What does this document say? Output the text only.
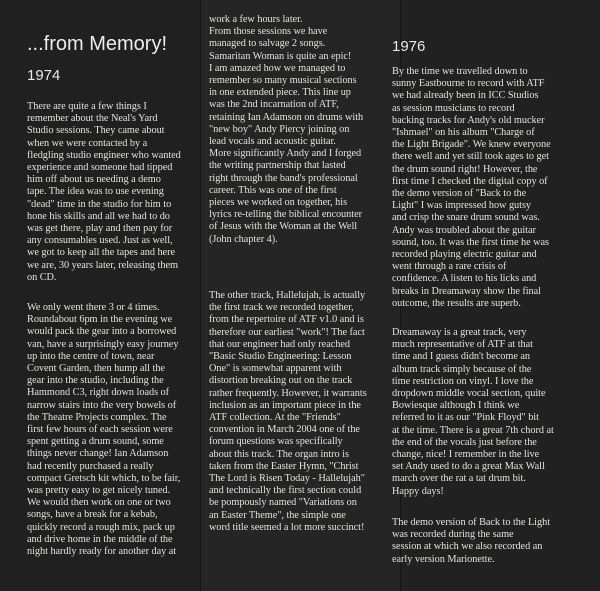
...from Memory!
1974
1976

There are quite a few things I
remember about the Neal's Yard
Studio sessions. They came about
when we were contacted by a
fledgling studio engineer who wanted
experience and someone had tipped
him off about us needing a demo
tape. The idea was to use evening
"dead" time in the studio for him to
hone his skills and all we had to do
was get there, play and then pay for
any consumables used. Just as well,
we got to keep all the tapes and here
we are, 30 years later, releasing them
on CD.

We only went there 3 or 4 times.
Roundabout 6pm in the evening we
would pack the gear into a borrowed
van, have a surprisingly easy journey
up into the centre of town, near
Covent Garden, then hump all the
gear into the studio, including the
Hammond C3, right down loads of
narrow stairs into the very bowels of
the Theatre Projects complex. The
first few hours of each session were
spent getting a drum sound, some
things never change! Ian Adamson
had recently purchased a really
compact Gretsch kit which, to be fair,
was pretty easy to get nicely tuned.
We would then work on one or two
songs, have a break for a kebab,
quickly record a rough mix, pack up
and drive home in the middle of the
night hardly ready for another day at

work a few hours later.
From those sessions we have
managed to salvage 2 songs.
Samaritan Woman is quite an epic!
I am amazed how we managed to
remember so many musical sections
in one extended piece. This line up
was the 2nd incarnation of ATF,
retaining Ian Adamson on drums with
"new boy" Andy Piercy joining on
lead vocals and acoustic guitar.
More significantly Andy and I forged
the writing partnership that lasted
right through the band's professional
career. This was one of the first
pieces we worked on together, his
lyrics re-telling the biblical encounter
of Jesus with the Woman at the Well
(John chapter 4).

The other track, Hallelujah, is actually
the first track we recorded together,
from the repertoire of ATF v1.0 and is
therefore our earliest "work"! The fact
that our engineer had only reached
"Basic Studio Engineering: Lesson
One" is somewhat apparent with
distortion breaking out on the track
rather frequently. However, it warrants
inclusion as an important piece in the
ATF collection. At the "Friends"
convention in March 2004 one of the
forum questions was specifically
about this track. The organ intro is
taken from the Easter Hymn, "Christ
The Lord is Risen Today - Hallelujah"
and technically the first section could
be pompously named "Variations on
an Easter Theme", the simple one
word title seemed a lot more succinct!

By the time we travelled down to
sunny Eastbourne to record with ATF
we had already been in ICC Studios
as session musicians to record
backing tracks for Andy's old mucker
"Ishmael" on his album "Charge of
the Light Brigade". We knew everyone
there well and yet still took ages to get
the drum sound right! However, the
first time I checked the digital copy of
the demo version of "Back to the
Light" I was impressed how gutsy
and crisp the snare drum sound was.
Andy was troubled about the guitar
sound, too. It was the first time he was
recorded playing electric guitar and
went through a rare crisis of
confidence. A listen to his licks and
breaks in Dreamaway show the final
outcome, the results are superb.

Dreamaway is a great track, very
much representative of ATF at that
time and I guess didn't become an
album track simply because of the
time restriction on vinyl. I love the
dropdown middle vocal section, quite
Bowiesque although I think we
referred to it as our "Pink Floyd" bit
at the time. There is a great 7th chord at
the end of the vocals just before the
change, nice! I remember in the live
set Andy used to do a great Max Wall
march over the rat a tat drum bit.
Happy days!

The demo version of Back to the Light
was recorded during the same
session at which we also recorded an
early version Marionette.
